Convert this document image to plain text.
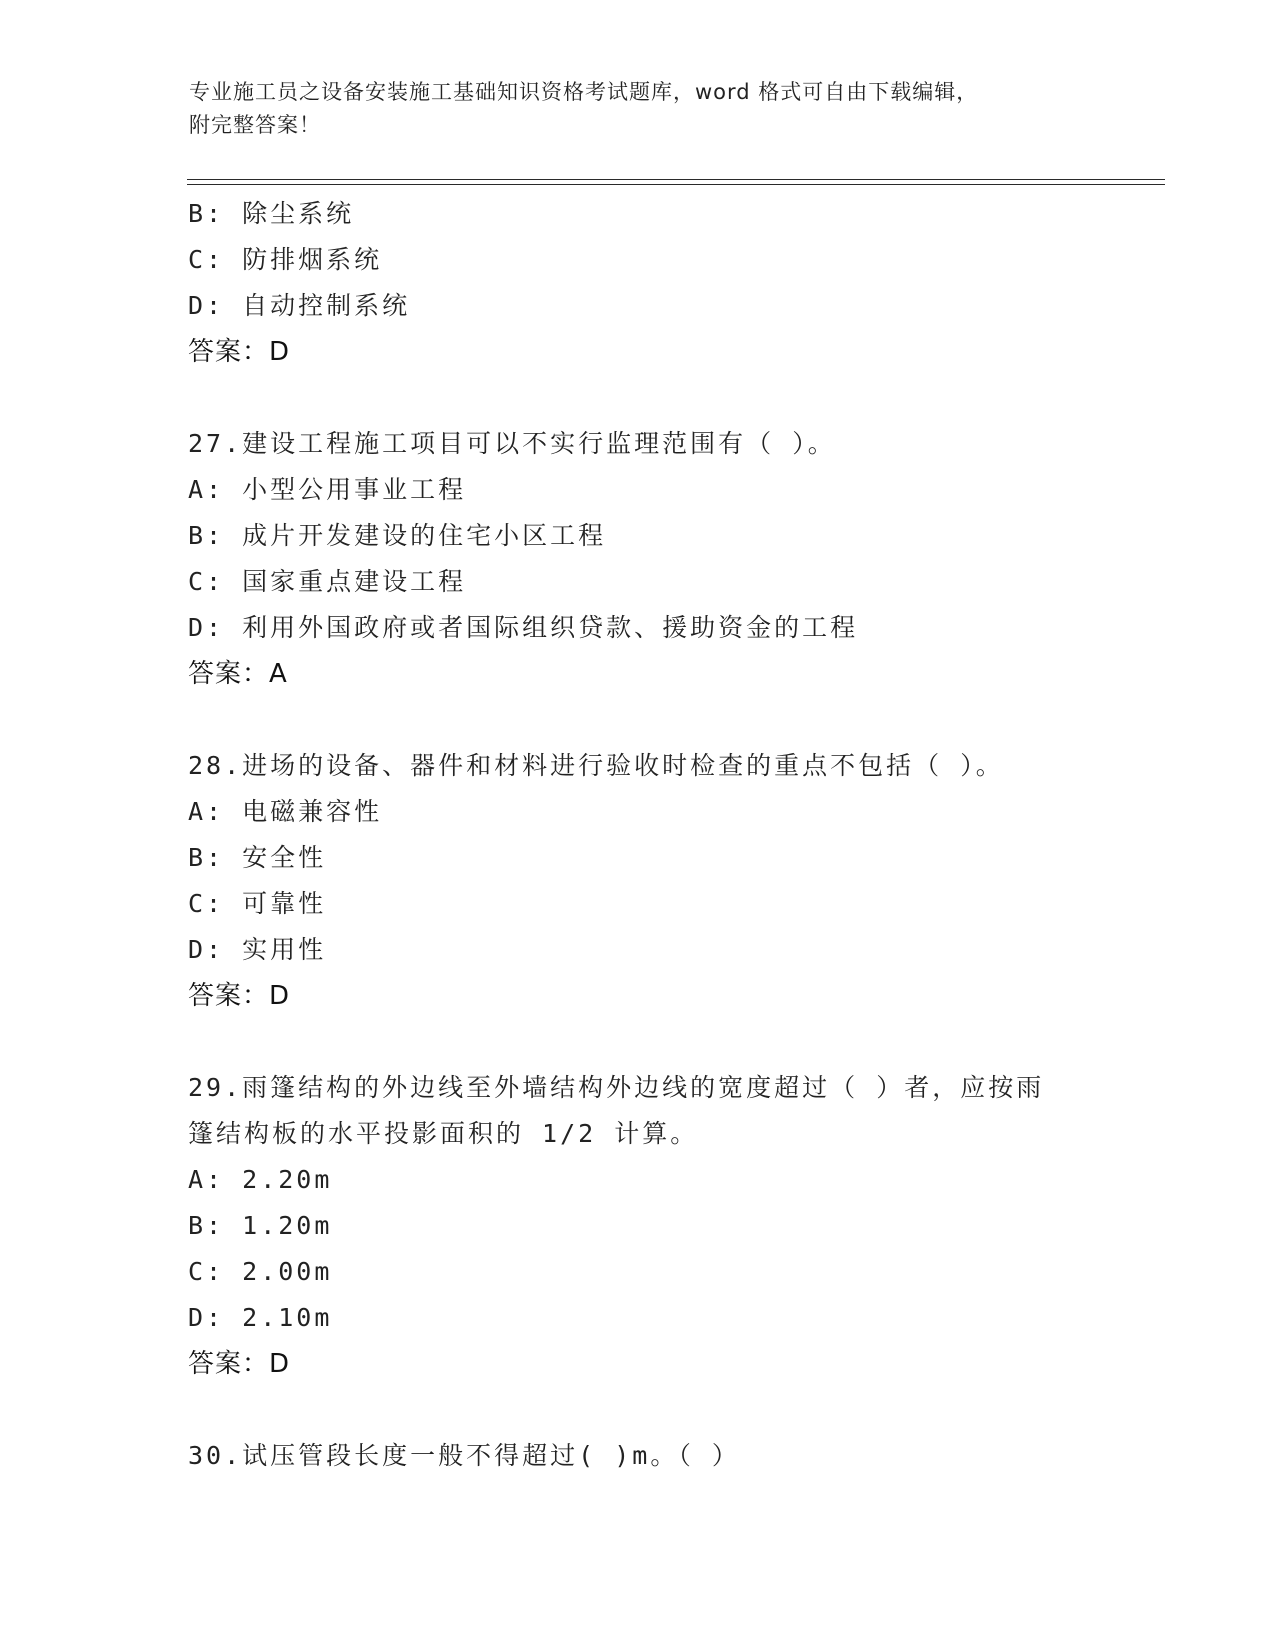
专业施工员之设备安装施工基础知识资格考试题库，word 格式可自由下载编辑，
附完整答案！
B: 除尘系统
C: 防排烟系统
D: 自动控制系统
答案：D
27.建设工程施工项目可以不实行监理范围有（ ）。
A: 小型公用事业工程
B: 成片开发建设的住宅小区工程
C: 国家重点建设工程
D: 利用外国政府或者国际组织贷款、援助资金的工程
答案：A
28.进场的设备、器件和材料进行验收时检查的重点不包括（ ）。
A: 电磁兼容性
B: 安全性
C: 可靠性
D: 实用性
答案：D
29.雨篷结构的外边线至外墙结构外边线的宽度超过（ ）者，应按雨
篷结构板的水平投影面积的 1/2 计算。
A: 2.20m
B: 1.20m
C: 2.00m
D: 2.10m
答案：D
30.试压管段长度一般不得超过( )m。（ ）
